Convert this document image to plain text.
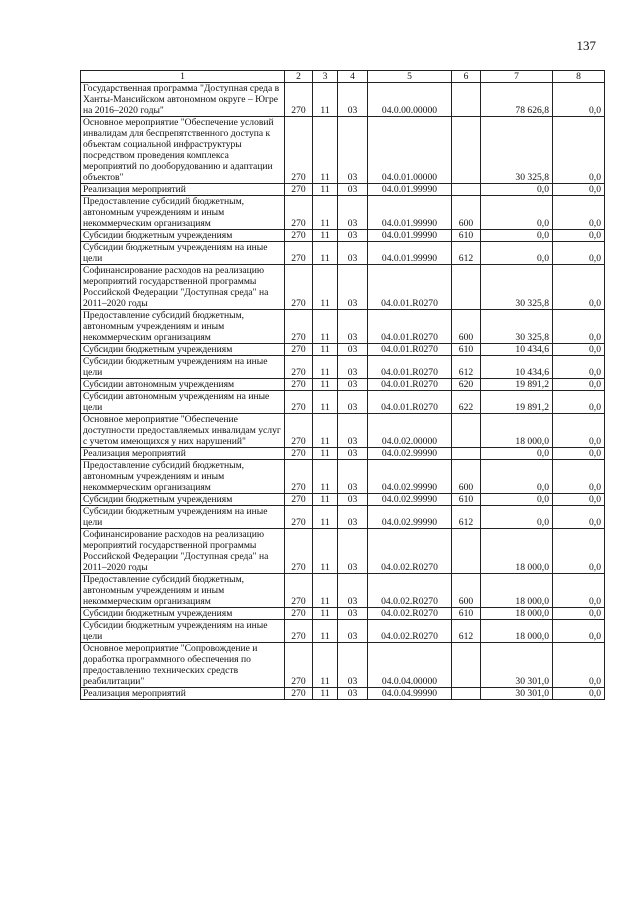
137
1	2	3	4	5	6	7	8
Государственная программа "Доступная среда в Ханты-Мансийском автономном округе – Югре на 2016–2020 годы"	270	11	03	04.0.00.00000		78 626,8	0,0
Основное мероприятие "Обеспечение условий инвалидам для беспрепятственного доступа к объектам социальной инфраструктуры посредством проведения комплекса мероприятий по дооборудованию и адаптации объектов"	270	11	03	04.0.01.00000		30 325,8	0,0
Реализация мероприятий	270	11	03	04.0.01.99990		0,0	0,0
Предоставление субсидий бюджетным, автономным учреждениям и иным некоммерческим организациям	270	11	03	04.0.01.99990	600	0,0	0,0
Субсидии бюджетным учреждениям	270	11	03	04.0.01.99990	610	0,0	0,0
Субсидии бюджетным учреждениям на иные цели	270	11	03	04.0.01.99990	612	0,0	0,0
Софинансирование расходов на реализацию мероприятий государственной программы Российской Федерации "Доступная среда" на 2011–2020 годы	270	11	03	04.0.01.R0270		30 325,8	0,0
Предоставление субсидий бюджетным, автономным учреждениям и иным некоммерческим организациям	270	11	03	04.0.01.R0270	600	30 325,8	0,0
Субсидии бюджетным учреждениям	270	11	03	04.0.01.R0270	610	10 434,6	0,0
Субсидии бюджетным учреждениям на иные цели	270	11	03	04.0.01.R0270	612	10 434,6	0,0
Субсидии автономным учреждениям	270	11	03	04.0.01.R0270	620	19 891,2	0,0
Субсидии автономным учреждениям на иные цели	270	11	03	04.0.01.R0270	622	19 891,2	0,0
Основное мероприятие "Обеспечение доступности предоставляемых инвалидам услуг с учетом имеющихся у них нарушений"	270	11	03	04.0.02.00000		18 000,0	0,0
Реализация мероприятий	270	11	03	04.0.02.99990		0,0	0,0
Предоставление субсидий бюджетным, автономным учреждениям и иным некоммерческим организациям	270	11	03	04.0.02.99990	600	0,0	0,0
Субсидии бюджетным учреждениям	270	11	03	04.0.02.99990	610	0,0	0,0
Субсидии бюджетным учреждениям на иные цели	270	11	03	04.0.02.99990	612	0,0	0,0
Софинансирование расходов на реализацию мероприятий государственной программы Российской Федерации "Доступная среда" на 2011–2020 годы	270	11	03	04.0.02.R0270		18 000,0	0,0
Предоставление субсидий бюджетным, автономным учреждениям и иным некоммерческим организациям	270	11	03	04.0.02.R0270	600	18 000,0	0,0
Субсидии бюджетным учреждениям	270	11	03	04.0.02.R0270	610	18 000,0	0,0
Субсидии бюджетным учреждениям на иные цели	270	11	03	04.0.02.R0270	612	18 000,0	0,0
Основное мероприятие "Сопровождение и доработка программного обеспечения по предоставлению технических средств реабилитации"	270	11	03	04.0.04.00000		30 301,0	0,0
Реализация мероприятий	270	11	03	04.0.04.99990		30 301,0	0,0
